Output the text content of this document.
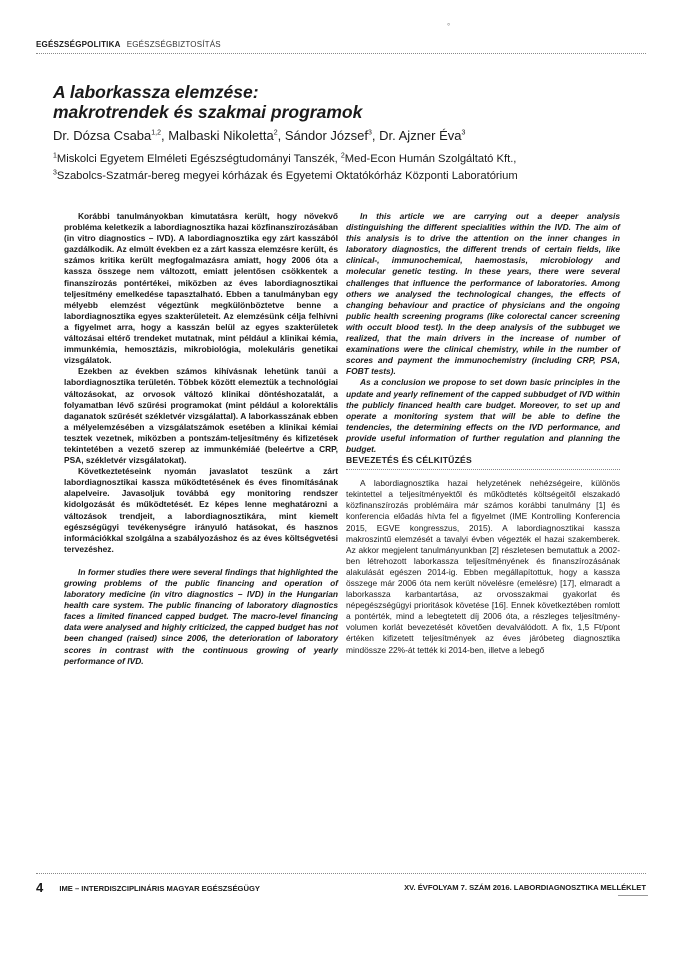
°
EGÉSZSÉGPOLITIKA EGÉSZSÉGBIZTOSÍTÁS
A laborkassza elemzése:
makrotrendek és szakmai programok
Dr. Dózsa Csaba$^{1,2}$, Malbaski Nikoletta$^2$, Sándor József$^3$, Dr. Ajzner Éva$^3$

$^1$Miskolci Egyetem Elméleti Egészségtudományi Tanszék, $^2$Med-Econ Humán Szolgáltató Kft.,

$^3$Szabolcs-Szatmár-bereg megyei kórházak és Egyetemi Oktatókórház Központi Laboratórium

Korábbi tanulmányokban kimutatásra került, hogy növekvő probléma keletkezik a labordiagnosztika hazai közfinanszírozásában (in vitro diagnostics – IVD). A labordiagnosztika egy zárt kasszából gazdálkodik. Az elmúlt években ez a zárt kassza elemzésre került, és számos kritika került megfogalmazásra amiatt, hogy 2006 óta a kassza összege nem változott, emiatt jelentősen csökkentek a finanszírozás pontértékei, miközben az éves labordiagnosztikai teljesítmény emelkedése tapasztalható. Ebben a tanulmányban egy mélyebb elemzést végeztünk megkülönböztetve benne a labordiagnosztika egyes szakterületeit. Az elemzésünk célja felhívni a figyelmet arra, hogy a kasszán belül az egyes szakterületek változásai eltérő trendeket mutatnak, mint például a klinikai kémia, immunkémia, hemosztázis, mikrobiológia, molekuláris genetikai vizsgálatok.

Ezekben az években számos kihívásnak lehetünk tanúi a labordiagnosztika területén. Többek között elemeztük a technológiai változásokat, az orvosok változó klinikai döntéshozatalát, a folyamatban lévő szűrési programokat (mint például a kolorektális daganatok szűrését székletvér vizsgálattal). A laborkasszának ebben a mélyelemzésében a vizsgálatszámok esetében a klinikai kémiai tesztek vezetnek, miközben a pontszám-teljesítmény és kifizetések tekintetében a vezető szerep az immunkémiáé (beleértve a CRP, PSA, székletvér vizsgálatokat).

Következtetéseink nyomán javaslatot teszünk a zárt labordiagnosztikai kassza működtetésének és éves finomításának alapelveire. Javasoljuk továbbá egy monitoring rendszer kidolgozását és működtetését. Ez képes lenne meghatározni a változások trendjeit, a labordiagnosztikára, mint kiemelt egészségügyi tevékenységre irányuló hatásokat, és hasznos információkkal szolgálna a szabályozáshoz és az éves költségvetési tervezéshez.

In former studies there were several findings that highlighted the growing problems of the public financing and operation of laboratory medicine (in vitro diagnostics – IVD) in the Hungarian health care system. The public financing of laboratory diagnostics faces a limited financed capped budget. The macro-level financing data were analysed and highly criticized, the capped budget has not been changed (raised) since 2006, the deterioration of laboratory scores in contrast with the continuous growing of yearly performance of IVD.

In this article we are carrying out a deeper analysis distinguishing the different specialities within the IVD. The aim of this analysis is to drive the attention on the inner changes in laboratory diagnostics, the different trends of certain fields, like clinical-, immunochemical, haemostasis, microbiology and molecular genetic testing. In these years, there were several challenges that influence the performance of laboratories. Among others we analysed the technological changes, the effects of changing behaviour and practice of physicians and the ongoing public health screening programs (like colorectal cancer screening with occult blood test). In the deep analysis of the subbuget we realized, that the main drivers in the increase of number of examinations were the clinical chemistry, while in the number of scores and payment the immunochemistry (including CRP, PSA, FOBT tests).

As a conclusion we propose to set down basic principles in the update and yearly refinement of the capped subbudget of IVD within the publicly financed health care budget. Moreover, to set up and operate a monitoring system that will be able to define the tendencies, the determining effects on the IVD performance, and provide useful information of further regulation and planning the budget.

BEVEZETÉS ÉS CÉLKITŰZÉS

A labordiagnosztika hazai helyzetének nehézségeire, különös tekintettel a teljesítményektől és működtetés költségeitől elszakadó közfinanszírozás problémáira már számos korábbi tanulmány [1] és konferencia előadás hívta fel a figyelmet (IME Kontrolling Konferencia 2015, EGVE kongresszus, 2015). A labordiagnosztikai kassza makroszintű elemzését a tavalyi évben végezték el hazai szakemberek. Az akkor megjelent tanulmányunkban [2] részletesen bemutattuk a 2002-ben létrehozott laborkassza teljesítményének és finanszírozásának alakulását egészen 2014-ig. Ebben megállapítottuk, hogy a kassza összege már 2006 óta nem került növelésre (emelésre) [17], elmaradt a laborkassza karbantartása, az orvosszakmai gyakorlat és népegészségügyi prioritások követése [16]. Ennek következtében romlott a pontérték, mind a lebegtetett díj 2006 óta, a részleges teljesítmény-volumen korlát bevezetését követően devalválódott. A fix, 1,5 Ft/pont értéken kifizetett teljesítmények az éves járóbeteg diagnosztika mindössze 22%-át tették ki 2014-ben, illetve a lebegő

4 IME – INTERDISZCIPLINÁRIS MAGYAR EGÉSZSÉGÜGY	XV. ÉVFOLYAM 7. SZÁM 2016. LABORDIAGNOSZTIKA MELLÉKLET
